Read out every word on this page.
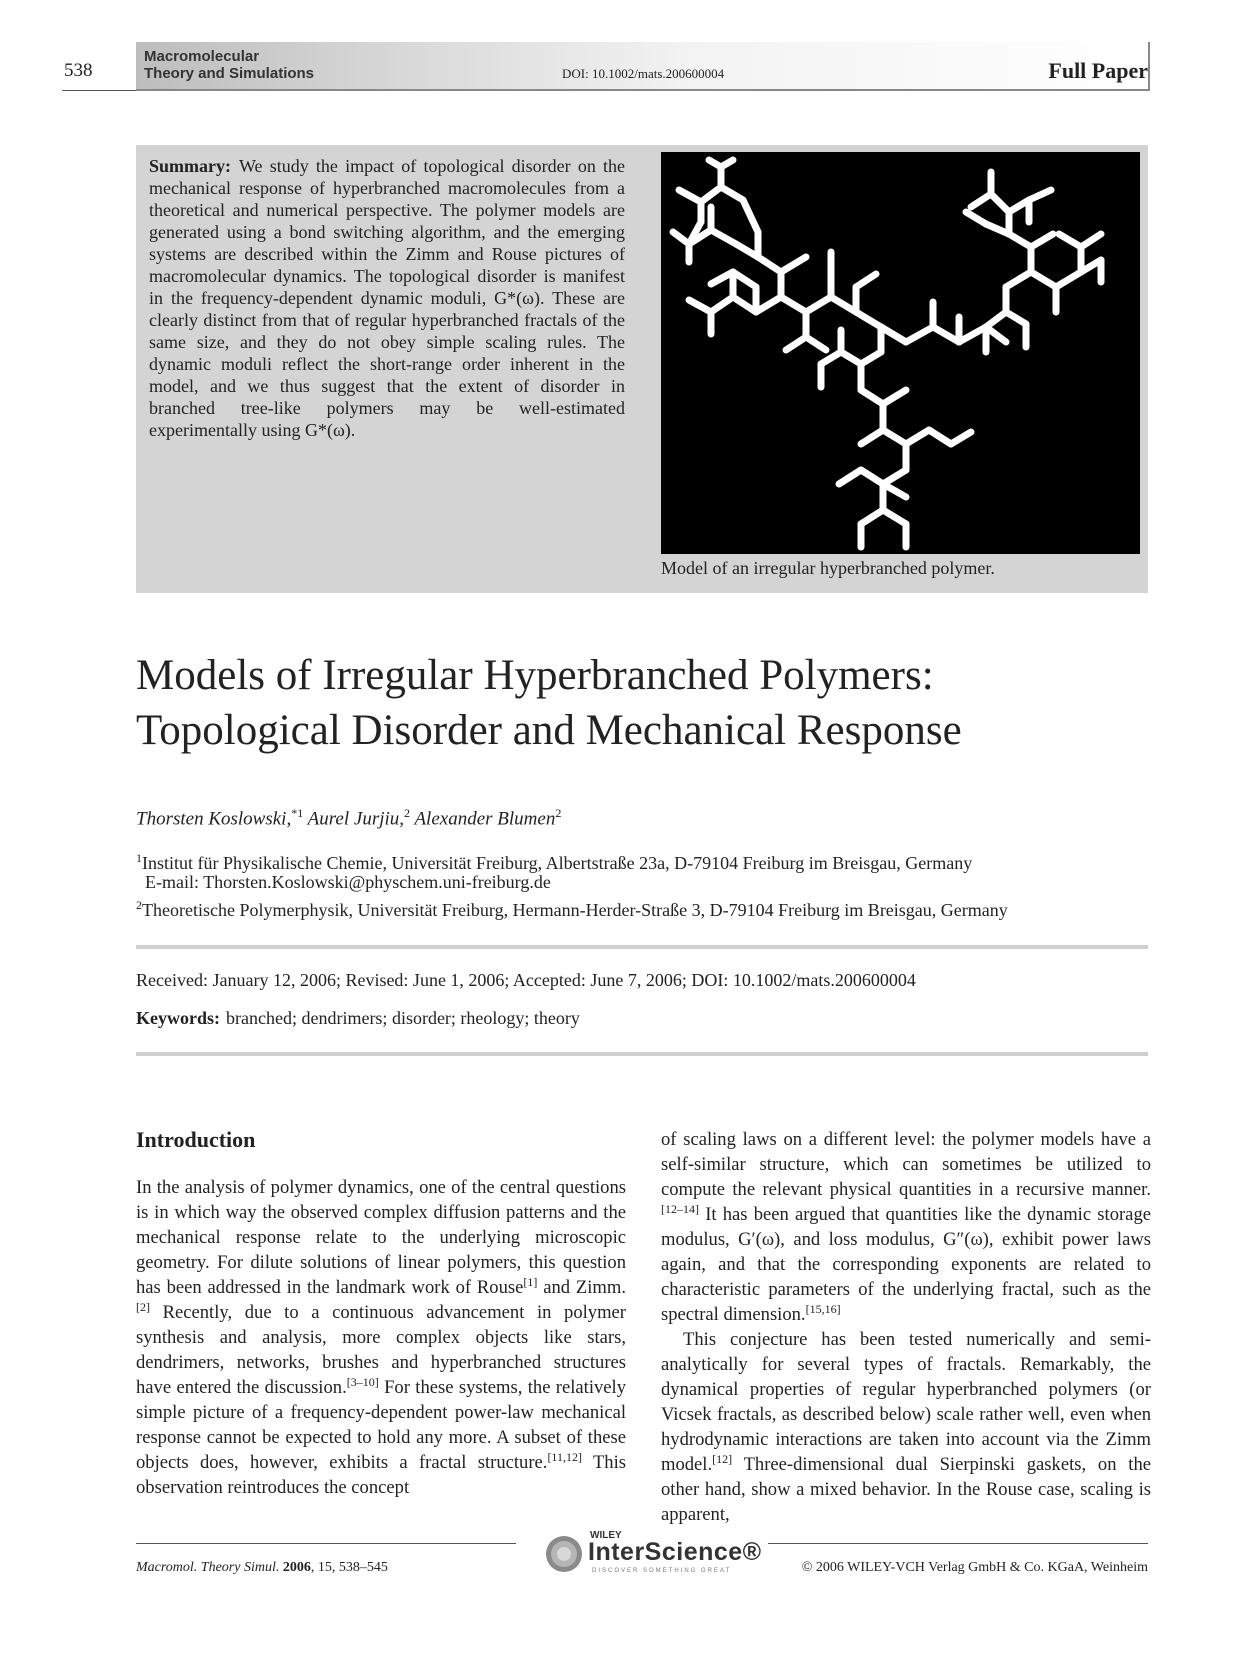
538
Macromolecular
Theory and Simulations	DOI: 10.1002/mats.200600004	Full Paper
Summary: We study the impact of topological disorder on the mechanical response of hyperbranched macromolecules from a theoretical and numerical perspective. The polymer models are generated using a bond switching algorithm, and the emerging systems are described within the Zimm and Rouse pictures of macromolecular dynamics. The topological disorder is manifest in the frequency-dependent dynamic moduli, G*(ω). These are clearly distinct from that of regular hyperbranched fractals of the same size, and they do not obey simple scaling rules. The dynamic moduli reflect the short-range order inherent in the model, and we thus suggest that the extent of disorder in branched tree-like polymers may be well-estimated experimentally using G*(ω).
Model of an irregular hyperbranched polymer.
Models of Irregular Hyperbranched Polymers:
Topological Disorder and Mechanical Response
Thorsten Koslowski,$^{*1}$ Aurel Jurjiu,$^2$ Alexander Blumen$^2$
$^1$Institut für Physikalische Chemie, Universität Freiburg, Albertstraße 23a, D-79104 Freiburg im Breisgau, Germany
E-mail: Thorsten.Koslowski@physchem.uni-freiburg.de
$^2$Theoretische Polymerphysik, Universität Freiburg, Hermann-Herder-Straße 3, D-79104 Freiburg im Breisgau, Germany
Received: January 12, 2006; Revised: June 1, 2006; Accepted: June 7, 2006; DOI: 10.1002/mats.200600004
Keywords: branched; dendrimers; disorder; rheology; theory
Introduction

In the analysis of polymer dynamics, one of the central questions is in which way the observed complex diffusion patterns and the mechanical response relate to the underlying microscopic geometry. For dilute solutions of linear polymers, this question has been addressed in the landmark work of Rouse[1] and Zimm.[2] Recently, due to a continuous advancement in polymer synthesis and analysis, more complex objects like stars, dendrimers, networks, brushes and hyperbranched structures have entered the discussion.[3–10] For these systems, the relatively simple picture of a frequency-dependent power-law mechanical response cannot be expected to hold any more. A subset of these objects does, however, exhibits a fractal structure.[11,12] This observation reintroduces the concept

of scaling laws on a different level: the polymer models have a self-similar structure, which can sometimes be utilized to compute the relevant physical quantities in a recursive manner.[12–14] It has been argued that quantities like the dynamic storage modulus, G′(ω), and loss modulus, G″(ω), exhibit power laws again, and that the corresponding exponents are related to characteristic parameters of the underlying fractal, such as the spectral dimension.[15,16]

This conjecture has been tested numerically and semi-analytically for several types of fractals. Remarkably, the dynamical properties of regular hyperbranched polymers (or Vicsek fractals, as described below) scale rather well, even when hydrodynamic interactions are taken into account via the Zimm model.[12] Three-dimensional dual Sierpinski gaskets, on the other hand, show a mixed behavior. In the Rouse case, scaling is apparent,

Macromol. Theory Simul. 2006, 15, 538–545
WILEY
InterScience®
DISCOVER SOMETHING GREAT	© 2006 WILEY-VCH Verlag GmbH & Co. KGaA, Weinheim
